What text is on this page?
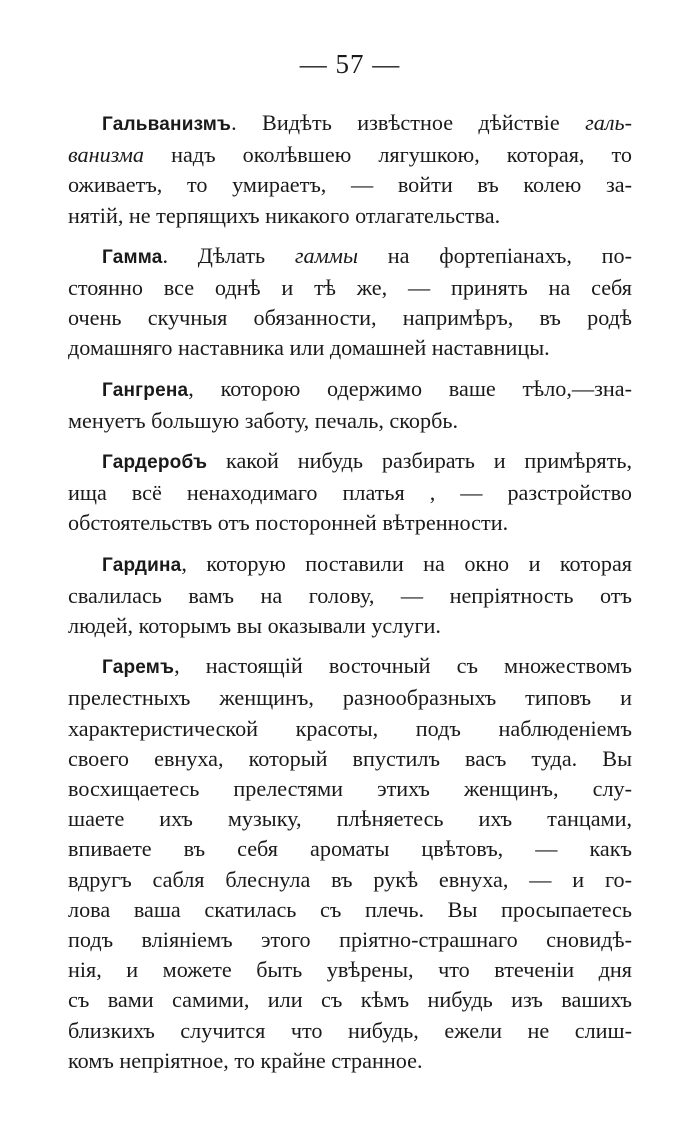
— 57 —
Гальванизмъ. Видѣть извѣстное дѣйствіе галь-
ванизма надъ околѣвшею лягушкою, которая, то
оживаетъ, то умираетъ, — войти въ колею за-
нятій, не терпящихъ никакого отлагательства.
Гамма. Дѣлать гаммы на фортепіанахъ, по-
стоянно все однѣ и тѣ же, — принять на себя
очень скучныя обязанности, напримѣръ, въ родѣ
домашняго наставника или домашней наставницы.
Гангрена, которою одержимо ваше тѣло,—зна-
менуетъ большую заботу, печаль, скорбь.
Гардеробъ какой нибудь разбирать и примѣрять,
ища всё ненаходимаго платья , — разстройство
обстоятельствъ отъ посторонней вѣтренности.
Гардина, которую поставили на окно и которая
свалилась вамъ на голову, — непріятность отъ
людей, которымъ вы оказывали услуги.
Гаремъ, настоящій восточный съ множествомъ
прелестныхъ женщинъ, разнообразныхъ типовъ и
характеристической красоты, подъ наблюденіемъ
своего евнуха, который впустилъ васъ туда. Вы
восхищаетесь прелестями этихъ женщинъ, слу-
шаете ихъ музыку, плѣняетесь ихъ танцами,
впиваете въ себя ароматы цвѣтовъ, — какъ
вдругъ сабля блеснула въ рукѣ евнуха, — и го-
лова ваша скатилась съ плечь. Вы просыпаетесь
подъ вліяніемъ этого пріятно-страшнаго сновидѣ-
нія, и можете быть увѣрены, что втеченіи дня
съ вами самими, или съ кѣмъ нибудь изъ вашихъ
близкихъ случится что нибудь, ежели не слиш-
комъ непріятное, то крайне странное.
